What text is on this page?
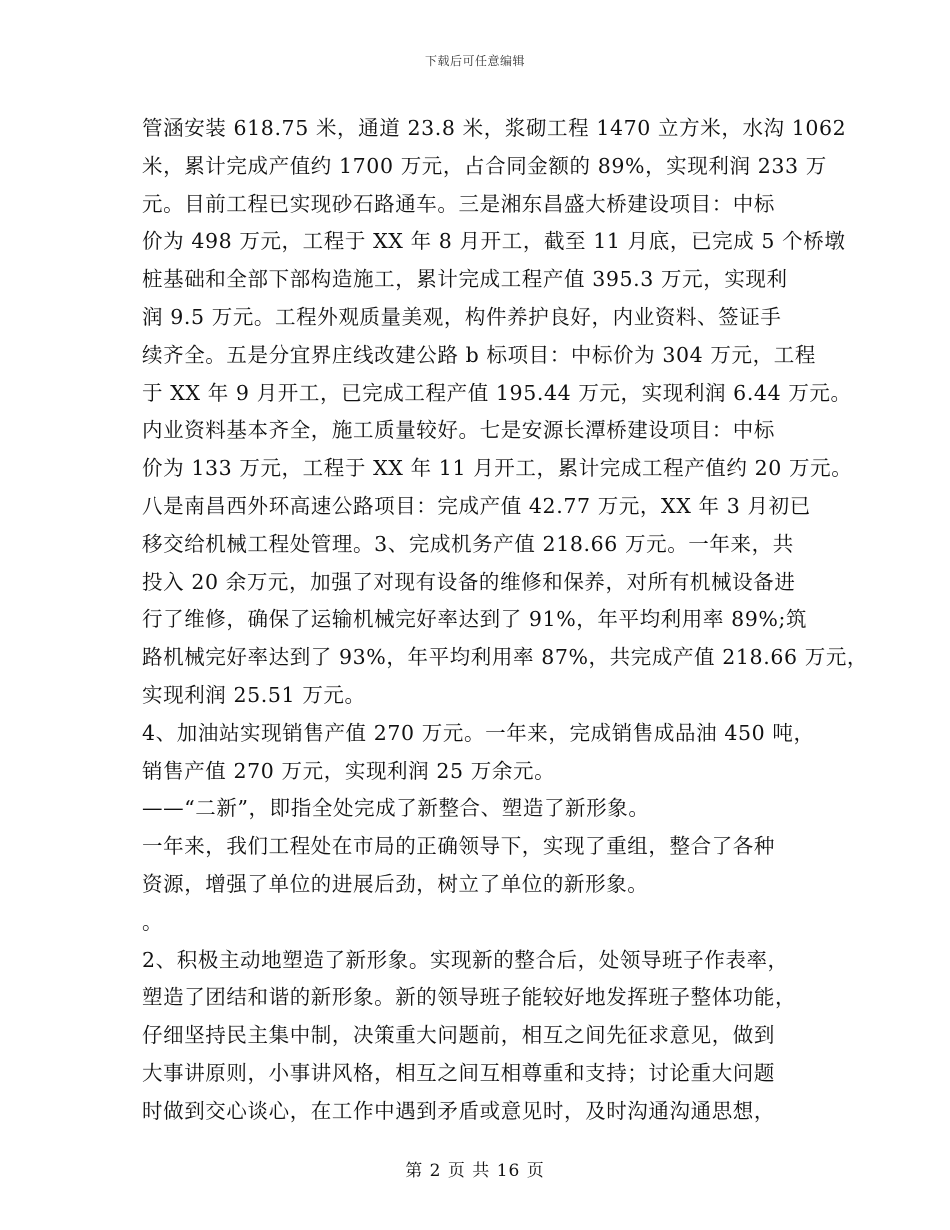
下载后可任意编辑
管涵安装 618.75 米，通道 23.8 米，浆砌工程 1470 立方米，水沟 1062
米，累计完成产值约 1700 万元，占合同金额的 89%，实现利润 233 万
元。目前工程已实现砂石路通车。三是湘东昌盛大桥建设项目：中标
价为 498 万元，工程于 XX 年 8 月开工，截至 11 月底，已完成 5 个桥墩
桩基础和全部下部构造施工，累计完成工程产值 395.3 万元，实现利
润 9.5 万元。工程外观质量美观，构件养护良好，内业资料、签证手
续齐全。五是分宜界庄线改建公路 b 标项目：中标价为 304 万元，工程
于 XX 年 9 月开工，已完成工程产值 195.44 万元，实现利润 6.44 万元。
内业资料基本齐全，施工质量较好。七是安源长潭桥建设项目：中标
价为 133 万元，工程于 XX 年 11 月开工，累计完成工程产值约 20 万元。
八是南昌西外环高速公路项目：完成产值 42.77 万元，XX 年 3 月初已
移交给机械工程处管理。3、完成机务产值 218.66 万元。一年来，共
投入 20 余万元，加强了对现有设备的维修和保养，对所有机械设备进
行了维修，确保了运输机械完好率达到了 91%，年平均利用率 89%;筑
路机械完好率达到了 93%，年平均利用率 87%，共完成产值 218.66 万元，
实现利润 25.51 万元。
4、加油站实现销售产值 270 万元。一年来，完成销售成品油 450 吨，
销售产值 270 万元，实现利润 25 万余元。
——“二新”，即指全处完成了新整合、塑造了新形象。
一年来，我们工程处在市局的正确领导下，实现了重组，整合了各种
资源，增强了单位的进展后劲，树立了单位的新形象。
。
2、积极主动地塑造了新形象。实现新的整合后，处领导班子作表率，
塑造了团结和谐的新形象。新的领导班子能较好地发挥班子整体功能，
仔细坚持民主集中制，决策重大问题前，相互之间先征求意见，做到
大事讲原则，小事讲风格，相互之间互相尊重和支持；讨论重大问题
时做到交心谈心，在工作中遇到矛盾或意见时，及时沟通沟通思想，
第 2 页 共 16 页
